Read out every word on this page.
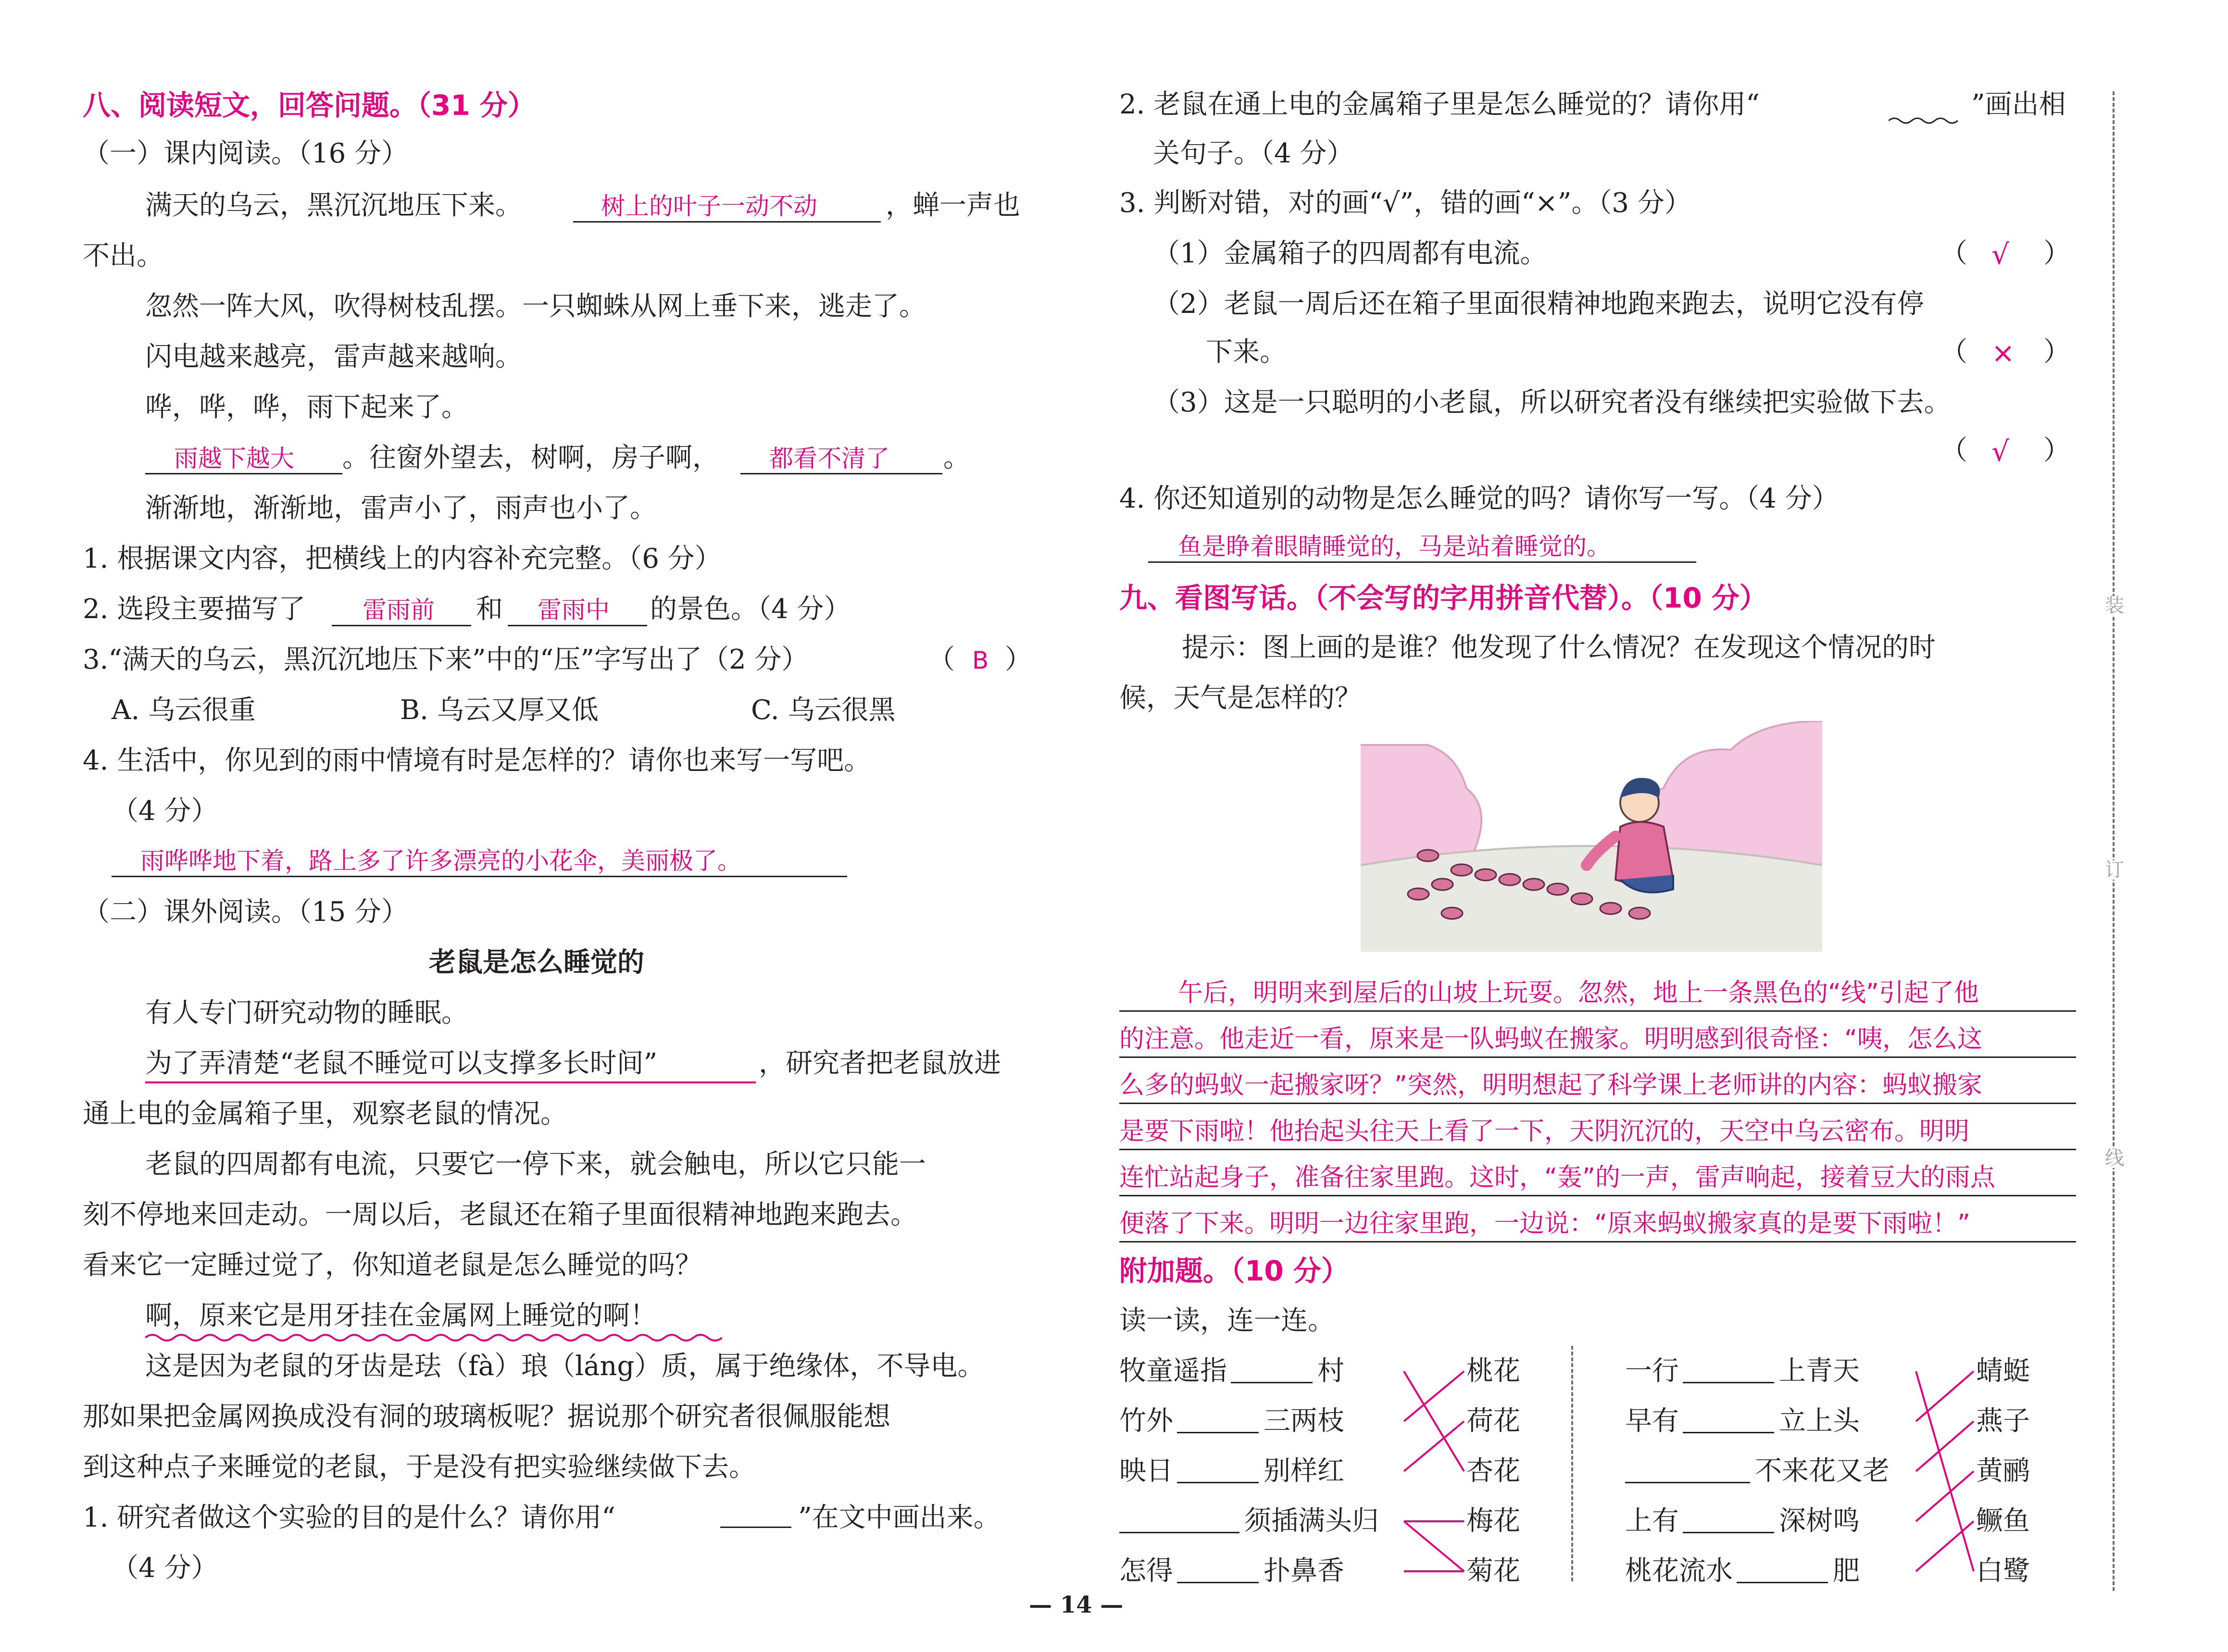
八、阅读短文，回答问题。（31 分）
（一）课内阅读。（16 分）
满天的乌云，黑沉沉地压下来。	树上的叶子一动不动	，蝉一声也
不出。
忽然一阵大风，吹得树枝乱摆。一只蜘蛛从网上垂下来，逃走了。
闪电越来越亮，雷声越来越响。
哗，哗，哗，雨下起来了。
雨越下越大 。往窗外望去，树啊，房子啊， 都看不清了 。
渐渐地，渐渐地，雷声小了，雨声也小了。
1. 根据课文内容，把横线上的内容补充完整。（6 分）
2. 选段主要描写了 雷雨前 和 雷雨中 的景色。（4 分）
3.“满天的乌云，黑沉沉地压下来”中的“压”字写出了（2 分）	（ B ）
A. 乌云很重	B. 乌云又厚又低	C. 乌云很黑
4. 生活中，你见到的雨中情境有时是怎样的？请你也来写一写吧。
（4 分）
雨哗哗地下着，路上多了许多漂亮的小花伞，美丽极了。
（二）课外阅读。（15 分）
老鼠是怎么睡觉的
有人专门研究动物的睡眠。
为了弄清楚“老鼠不睡觉可以支撑多长时间”	，研究者把老鼠放进
通上电的金属箱子里，观察老鼠的情况。
老鼠的四周都有电流，只要它一停下来，就会触电，所以它只能一
刻不停地来回走动。一周以后，老鼠还在箱子里面很精神地跑来跑去。
看来它一定睡过觉了，你知道老鼠是怎么睡觉的吗？
啊，原来它是用牙挂在金属网上睡觉的啊！
这是因为老鼠的牙齿是珐（fà）琅（láng）质，属于绝缘体，不导电。
那如果把金属网换成没有洞的玻璃板呢？据说那个研究者很佩服能想
到这种点子来睡觉的老鼠，于是没有把实验继续做下去。
1. 研究者做这个实验的目的是什么？请你用“	”在文中画出来。
（4 分）
2. 老鼠在通上电的金属箱子里是怎么睡觉的？请你用“	”画出相
关句子。（4 分）
3. 判断对错，对的画“√”，错的画“×”。（3 分）
（1）金属箱子的四周都有电流。	（ √ ）
（2）老鼠一周后还在箱子里面很精神地跑来跑去，说明它没有停
下来。	（ × ）
（3）这是一只聪明的小老鼠，所以研究者没有继续把实验做下去。
（ √ ）
4. 你还知道别的动物是怎么睡觉的吗？请你写一写。（4 分）
鱼是睁着眼睛睡觉的，马是站着睡觉的。
九、看图写话。（不会写的字用拼音代替）。（10 分）
提示：图上画的是谁？他发现了什么情况？在发现这个情况的时
候，天气是怎样的？
午后，明明来到屋后的山坡上玩耍。忽然，地上一条黑色的“线”引起了他
的注意。他走近一看，原来是一队蚂蚁在搬家。明明感到很奇怪：“咦，怎么这
么多的蚂蚁一起搬家呀？”突然，明明想起了科学课上老师讲的内容：蚂蚁搬家
是要下雨啦！他抬起头往天上看了一下，天阴沉沉的，天空中乌云密布。明明
连忙站起身子，准备往家里跑。这时，“轰”的一声，雷声响起，接着豆大的雨点
便落了下来。明明一边往家里跑，一边说：“原来蚂蚁搬家真的是要下雨啦！”
附加题。（10 分）
读一读，连一连。
牧童遥指	村
竹外	三两枝
映日	别样红
须插满头归
怎得	扑鼻香
桃花
荷花
杏花
梅花
菊花
一行	上青天
早有	立上头
不来花又老
上有	深树鸣
桃花流水	肥
蜻蜓
燕子
黄鹂
鳜鱼
白鹭
装
订
线
— 14 —
